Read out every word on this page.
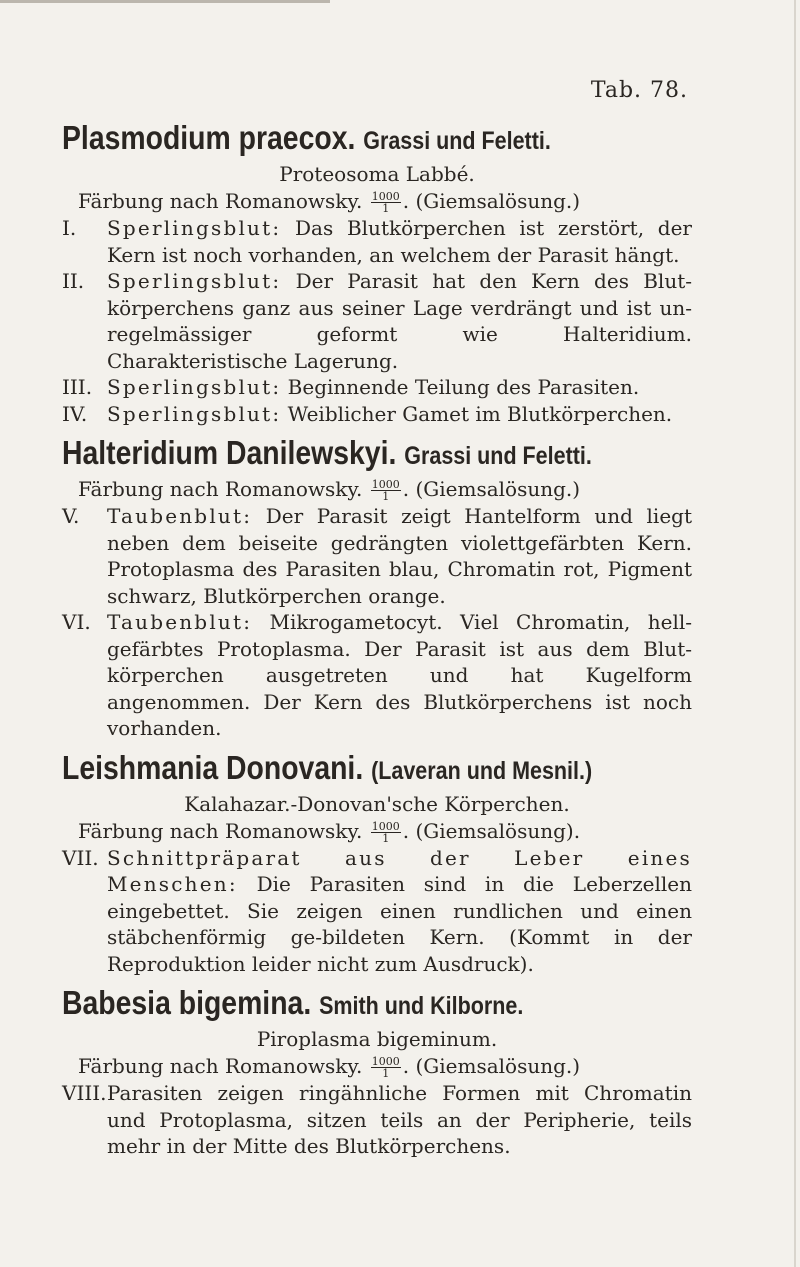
Tab. 78.
Plasmodium praecox. Grassi und Feletti.
Proteosoma Labbé.
Färbung nach Romanowsky. $\frac{1000}{1}$ . (Giemsalösung.)
I.	Sperlingsblut: Das Blutkörperchen ist zerstört, der Kern ist noch vorhanden, an welchem der Parasit hängt.
II.	Sperlingsblut: Der Parasit hat den Kern des Blut-körperchens ganz aus seiner Lage verdrängt und ist un-regelmässiger geformt wie Halteridium. Charakteristische Lagerung.
III. Sperlingsblut: Beginnende Teilung des Parasiten.
IV. Sperlingsblut: Weiblicher Gamet im Blutkörperchen.
Halteridium Danilewskyi. Grassi und Feletti.
Färbung nach Romanowsky. $\frac{1000}{1}$ . (Giemsalösung.)
V.	Taubenblut: Der Parasit zeigt Hantelform und liegt neben dem beiseite gedrängten violettgefärbten Kern. Protoplasma des Parasiten blau, Chromatin rot, Pigment schwarz, Blutkörperchen orange.
VI. Taubenblut: Mikrogametocyt. Viel Chromatin, hell-gefärbtes Protoplasma. Der Parasit ist aus dem Blut-körperchen ausgetreten und hat Kugelform angenommen. Der Kern des Blutkörperchens ist noch vorhanden.
Leishmania Donovani. (Laveran und Mesnil.)
Kalahazar.-Donovan'sche Körperchen.
Färbung nach Romanowsky. $\frac{1000}{1}$ . (Giemsalösung).
VII. Schnittpräparat aus der Leber eines Menschen: Die Parasiten sind in die Leberzellen eingebettet. Sie zeigen einen rundlichen und einen stäbchenförmig ge-bildeten Kern. (Kommt in der Reproduktion leider nicht zum Ausdruck).
Babesia bigemina. Smith und Kilborne.
Piroplasma bigeminum.
Färbung nach Romanowsky. $\frac{1000}{1}$ . (Giemsalösung.)
VIII. Parasiten zeigen ringähnliche Formen mit Chromatin und Protoplasma, sitzen teils an der Peripherie, teils mehr in der Mitte des Blutkörperchens.
